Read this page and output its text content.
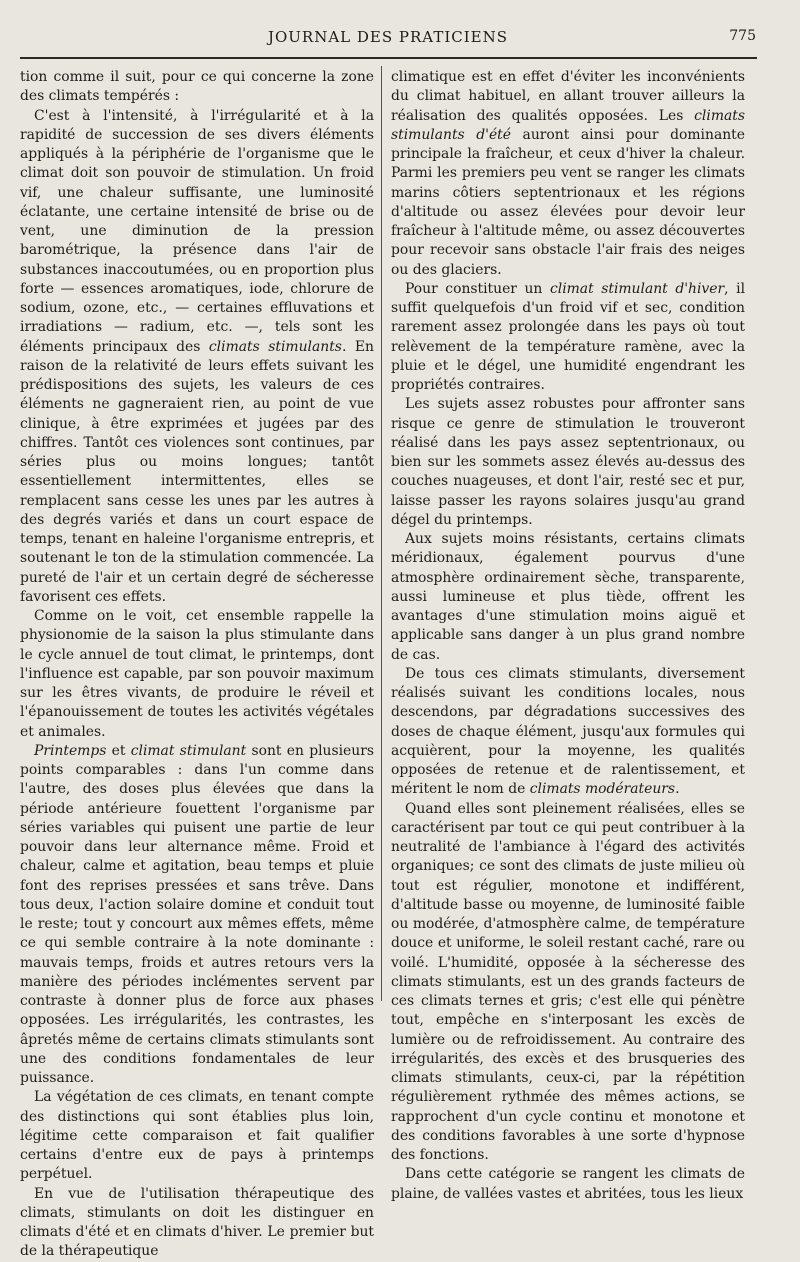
JOURNAL DES PRATICIENS	775

tion comme il suit, pour ce qui concerne la zone des climats tempérés :

C'est à l'intensité, à l'irrégularité et à la rapidité de succession de ses divers éléments appliqués à la périphérie de l'organisme que le climat doit son pouvoir de stimulation. Un froid vif, une chaleur suffisante, une luminosité éclatante, une certaine intensité de brise ou de vent, une diminution de la pression barométrique, la présence dans l'air de substances inaccoutumées, ou en proportion plus forte — essences aromatiques, iode, chlorure de sodium, ozone, etc., — certaines effluvations et irradiations — radium, etc. —, tels sont les éléments principaux des climats stimulants. En raison de la relativité de leurs effets suivant les prédispositions des sujets, les valeurs de ces éléments ne gagneraient rien, au point de vue clinique, à être exprimées et jugées par des chiffres. Tantôt ces violences sont continues, par séries plus ou moins longues; tantôt essentiellement intermittentes, elles se remplacent sans cesse les unes par les autres à des degrés variés et dans un court espace de temps, tenant en haleine l'organisme entrepris, et soutenant le ton de la stimulation commencée. La pureté de l'air et un certain degré de sécheresse favorisent ces effets.

Comme on le voit, cet ensemble rappelle la physionomie de la saison la plus stimulante dans le cycle annuel de tout climat, le printemps, dont l'influence est capable, par son pouvoir maximum sur les êtres vivants, de produire le réveil et l'épanouissement de toutes les activités végétales et animales.

Printemps et climat stimulant sont en plusieurs points comparables : dans l'un comme dans l'autre, des doses plus élevées que dans la période antérieure fouettent l'organisme par séries variables qui puisent une partie de leur pouvoir dans leur alternance même. Froid et chaleur, calme et agitation, beau temps et pluie font des reprises pressées et sans trêve. Dans tous deux, l'action solaire domine et conduit tout le reste; tout y concourt aux mêmes effets, même ce qui semble contraire à la note dominante : mauvais temps, froids et autres retours vers la manière des périodes inclémentes servent par contraste à donner plus de force aux phases opposées. Les irrégularités, les contrastes, les âpretés même de certains climats stimulants sont une des conditions fondamentales de leur puissance.

La végétation de ces climats, en tenant compte des distinctions qui sont établies plus loin, légitime cette comparaison et fait qualifier certains d'entre eux de pays à printemps perpétuel.

En vue de l'utilisation thérapeutique des climats, stimulants on doit les distinguer en climats d'été et en climats d'hiver. Le premier but de la thérapeutique

climatique est en effet d'éviter les inconvénients du climat habituel, en allant trouver ailleurs la réalisation des qualités opposées. Les climats stimulants d'été auront ainsi pour dominante principale la fraîcheur, et ceux d'hiver la chaleur. Parmi les premiers peu vent se ranger les climats marins côtiers septentrionaux et les régions d'altitude ou assez élevées pour devoir leur fraîcheur à l'altitude même, ou assez découvertes pour recevoir sans obstacle l'air frais des neiges ou des glaciers.

Pour constituer un climat stimulant d'hiver, il suffit quelquefois d'un froid vif et sec, condition rarement assez prolongée dans les pays où tout relèvement de la température ramène, avec la pluie et le dégel, une humidité engendrant les propriétés contraires.

Les sujets assez robustes pour affronter sans risque ce genre de stimulation le trouveront réalisé dans les pays assez septentrionaux, ou bien sur les sommets assez élevés au-dessus des couches nuageuses, et dont l'air, resté sec et pur, laisse passer les rayons solaires jusqu'au grand dégel du printemps.

Aux sujets moins résistants, certains climats méridionaux, également pourvus d'une atmosphère ordinairement sèche, transparente, aussi lumineuse et plus tiède, offrent les avantages d'une stimulation moins aiguë et applicable sans danger à un plus grand nombre de cas.

De tous ces climats stimulants, diversement réalisés suivant les conditions locales, nous descendons, par dégradations successives des doses de chaque élément, jusqu'aux formules qui acquièrent, pour la moyenne, les qualités opposées de retenue et de ralentissement, et méritent le nom de climats modérateurs.

Quand elles sont pleinement réalisées, elles se caractérisent par tout ce qui peut contribuer à la neutralité de l'ambiance à l'égard des activités organiques; ce sont des climats de juste milieu où tout est régulier, monotone et indifférent, d'altitude basse ou moyenne, de luminosité faible ou modérée, d'atmosphère calme, de température douce et uniforme, le soleil restant caché, rare ou voilé. L'humidité, opposée à la sécheresse des climats stimulants, est un des grands facteurs de ces climats ternes et gris; c'est elle qui pénètre tout, empêche en s'interposant les excès de lumière ou de refroidissement. Au contraire des irrégularités, des excès et des brusqueries des climats stimulants, ceux-ci, par la répétition régulièrement rythmée des mêmes actions, se rapprochent d'un cycle continu et monotone et des conditions favorables à une sorte d'hypnose des fonctions.

Dans cette catégorie se rangent les climats de plaine, de vallées vastes et abritées, tous les lieux
